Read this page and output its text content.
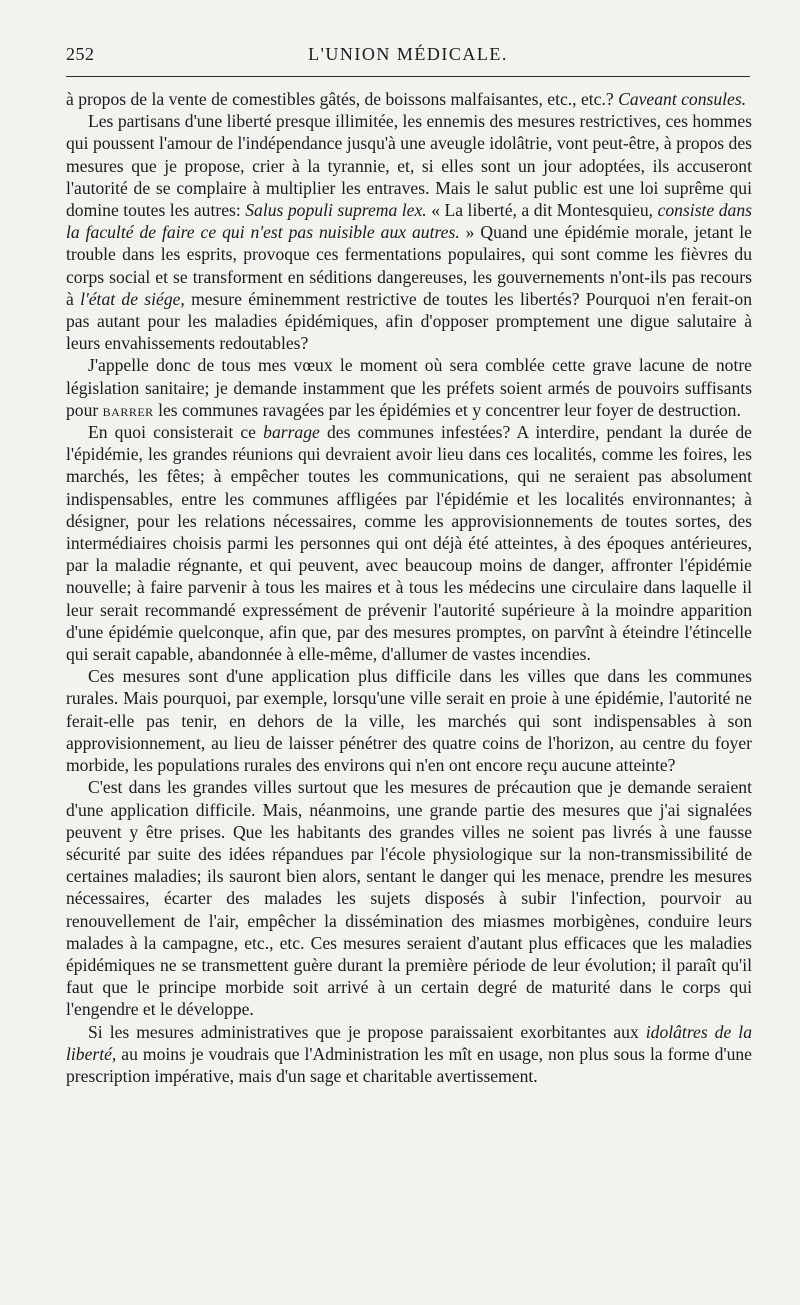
252	L'UNION MÉDICALE.

à propos de la vente de comestibles gâtés, de boissons malfaisantes, etc., etc.? Caveant consules.

Les partisans d'une liberté presque illimitée, les ennemis des mesures restrictives, ces hommes qui poussent l'amour de l'indépendance jusqu'à une aveugle idolâtrie, vont peut-être, à propos des mesures que je propose, crier à la tyrannie, et, si elles sont un jour adoptées, ils accuseront l'autorité de se complaire à multiplier les entraves. Mais le salut public est une loi suprême qui domine toutes les autres: Salus populi suprema lex. « La liberté, a dit Montesquieu, consiste dans la faculté de faire ce qui n'est pas nuisible aux autres. » Quand une épidémie morale, jetant le trouble dans les esprits, provoque ces fermentations populaires, qui sont comme les fièvres du corps social et se transforment en séditions dangereuses, les gouvernements n'ont-ils pas recours à l'état de siége, mesure éminemment restrictive de toutes les libertés? Pourquoi n'en ferait-on pas autant pour les maladies épidémiques, afin d'opposer promptement une digue salutaire à leurs envahissements redoutables?

J'appelle donc de tous mes vœux le moment où sera comblée cette grave lacune de notre législation sanitaire; je demande instamment que les préfets soient armés de pouvoirs suffisants pour barrer les communes ravagées par les épidémies et y concentrer leur foyer de destruction.

En quoi consisterait ce barrage des communes infestées? A interdire, pendant la durée de l'épidémie, les grandes réunions qui devraient avoir lieu dans ces localités, comme les foires, les marchés, les fêtes; à empêcher toutes les communications, qui ne seraient pas absolument indispensables, entre les communes affligées par l'épidémie et les localités environnantes; à désigner, pour les relations nécessaires, comme les approvisionnements de toutes sortes, des intermédiaires choisis parmi les personnes qui ont déjà été atteintes, à des époques antérieures, par la maladie régnante, et qui peuvent, avec beaucoup moins de danger, affronter l'épidémie nouvelle; à faire parvenir à tous les maires et à tous les médecins une circulaire dans laquelle il leur serait recommandé expressément de prévenir l'autorité supérieure à la moindre apparition d'une épidémie quelconque, afin que, par des mesures promptes, on parvînt à éteindre l'étincelle qui serait capable, abandonnée à elle-même, d'allumer de vastes incendies.

Ces mesures sont d'une application plus difficile dans les villes que dans les communes rurales. Mais pourquoi, par exemple, lorsqu'une ville serait en proie à une épidémie, l'autorité ne ferait-elle pas tenir, en dehors de la ville, les marchés qui sont indispensables à son approvisionnement, au lieu de laisser pénétrer des quatre coins de l'horizon, au centre du foyer morbide, les populations rurales des environs qui n'en ont encore reçu aucune atteinte?

C'est dans les grandes villes surtout que les mesures de précaution que je demande seraient d'une application difficile. Mais, néanmoins, une grande partie des mesures que j'ai signalées peuvent y être prises. Que les habitants des grandes villes ne soient pas livrés à une fausse sécurité par suite des idées répandues par l'école physiologique sur la non-transmissibilité de certaines maladies; ils sauront bien alors, sentant le danger qui les menace, prendre les mesures nécessaires, écarter des malades les sujets disposés à subir l'infection, pourvoir au renouvellement de l'air, empêcher la dissémination des miasmes morbigènes, conduire leurs malades à la campagne, etc., etc. Ces mesures seraient d'autant plus efficaces que les maladies épidémiques ne se transmettent guère durant la première période de leur évolution; il paraît qu'il faut que le principe morbide soit arrivé à un certain degré de maturité dans le corps qui l'engendre et le développe.

Si les mesures administratives que je propose paraissaient exorbitantes aux idolâtres de la liberté, au moins je voudrais que l'Administration les mît en usage, non plus sous la forme d'une prescription impérative, mais d'un sage et charitable avertissement.
